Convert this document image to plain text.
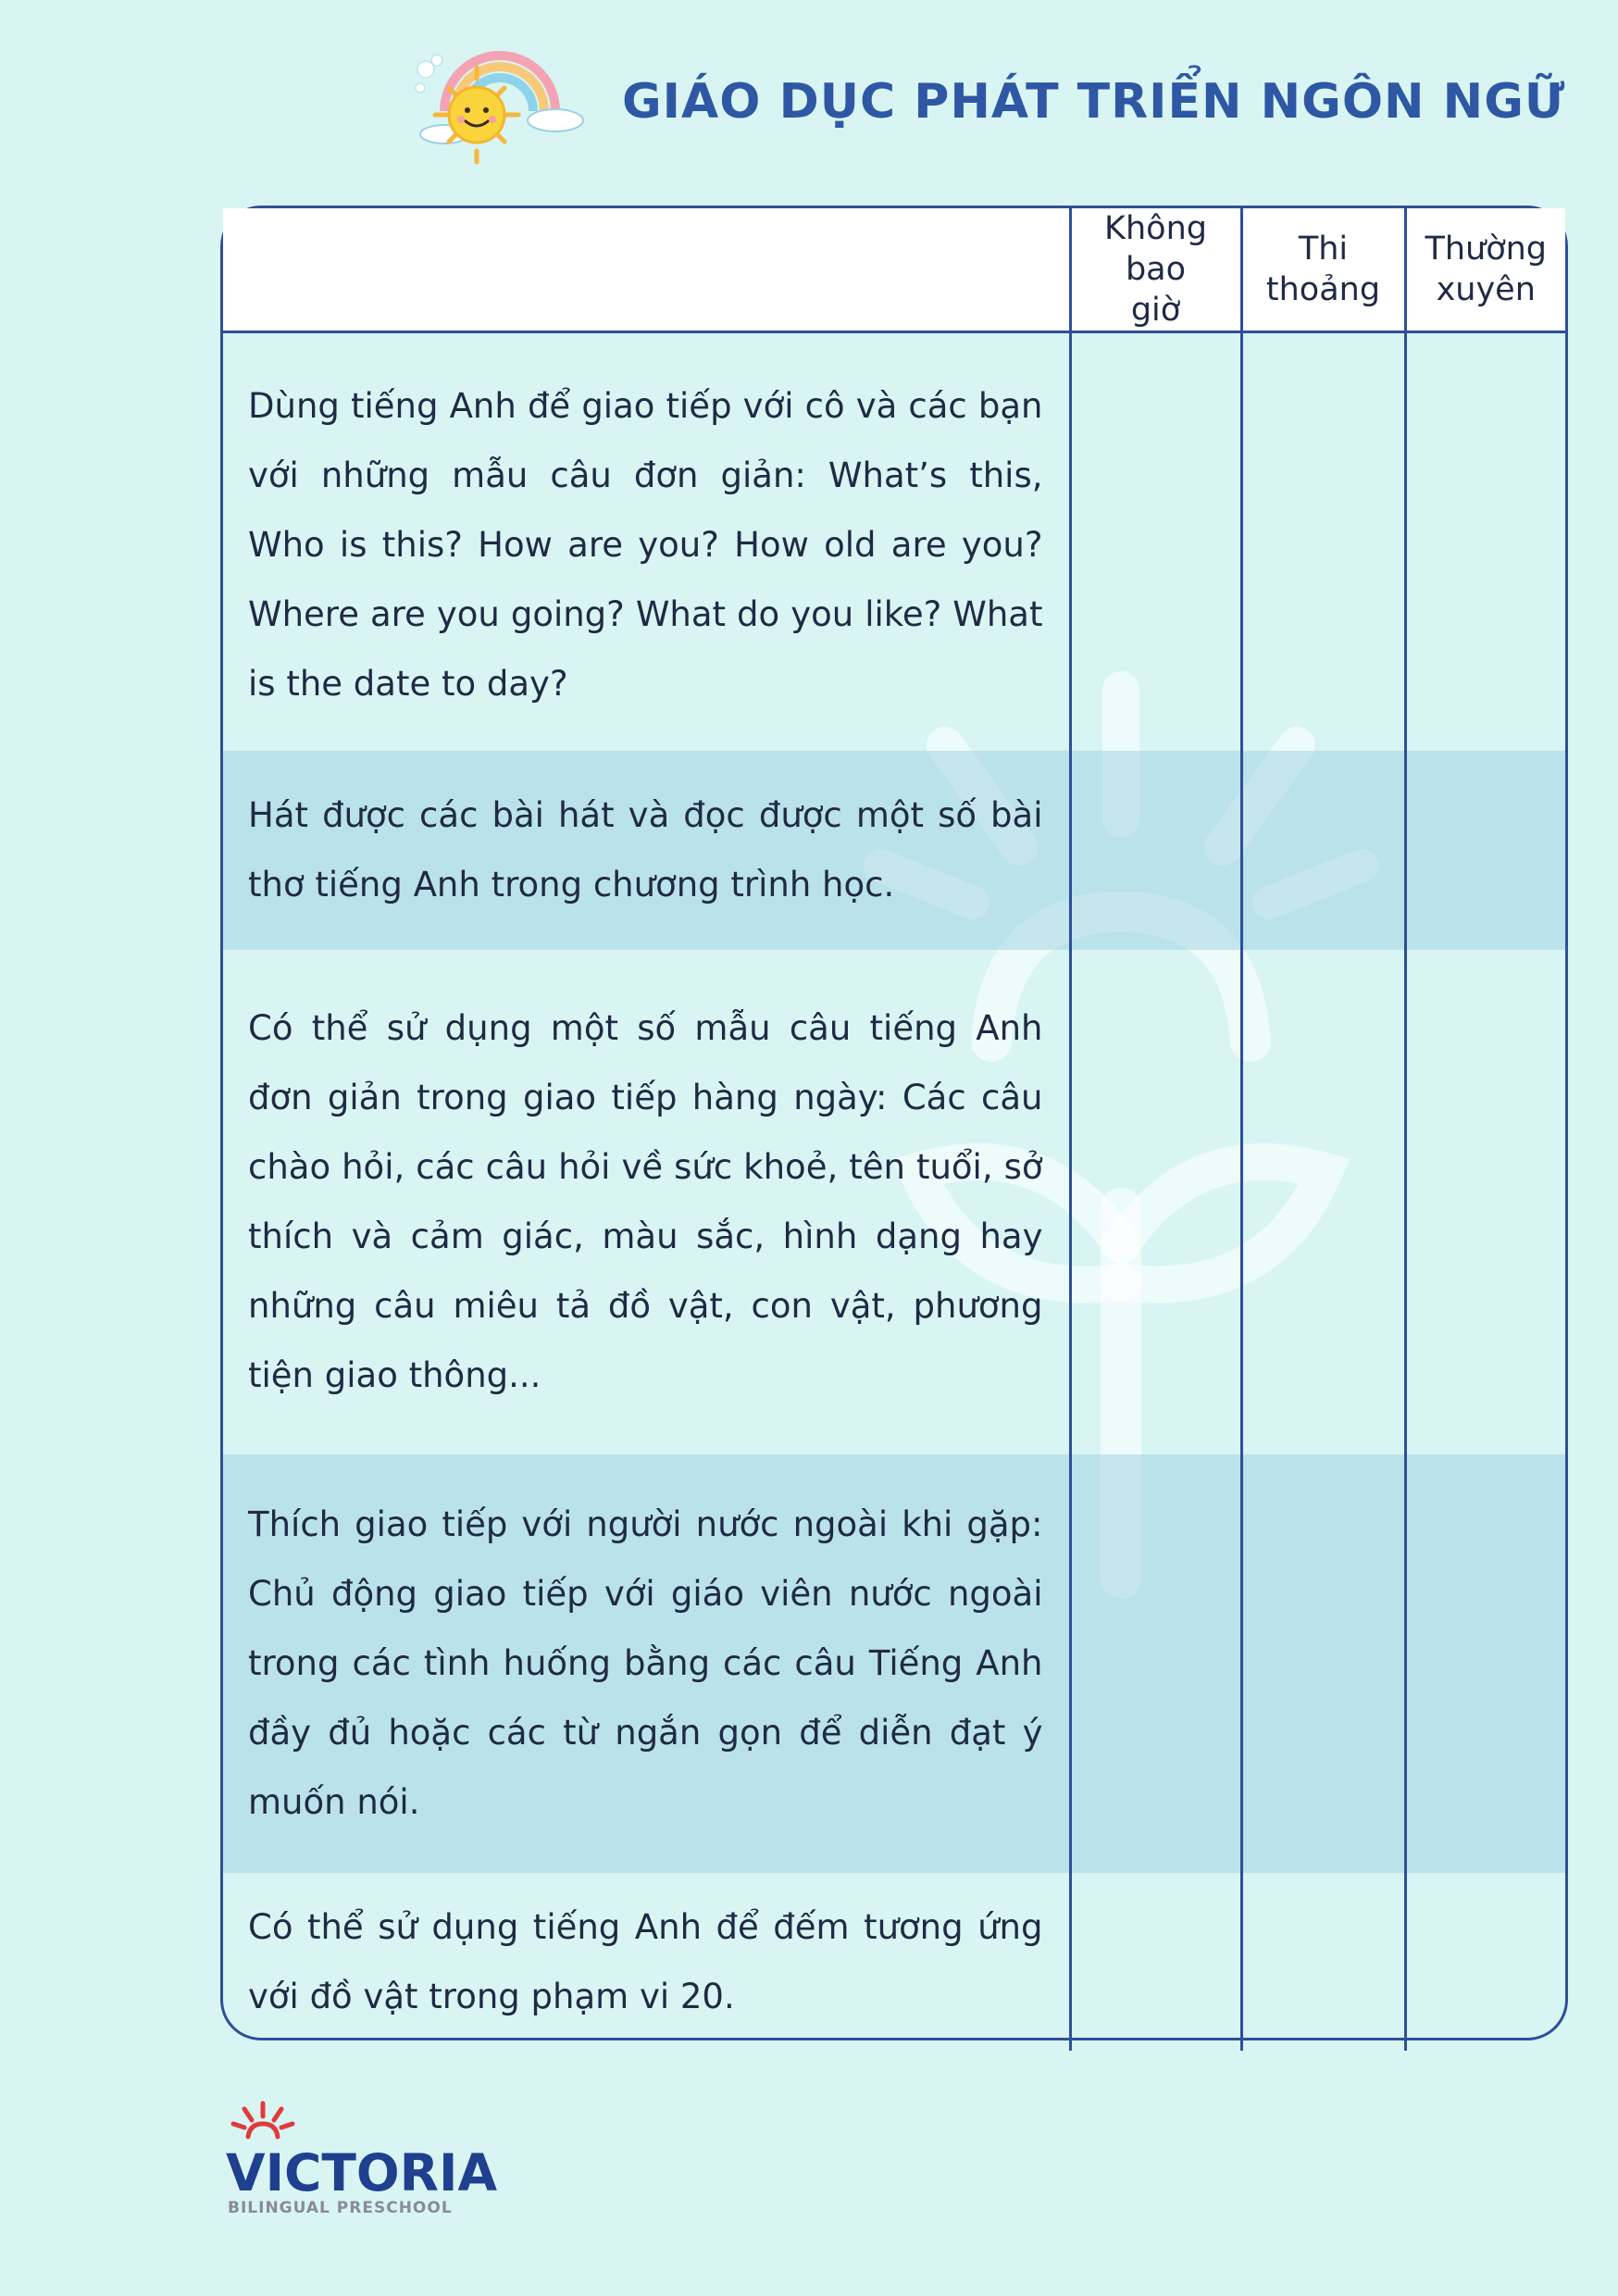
GIÁO DỤC PHÁT TRIỂN NGÔN NGỮ
	Không bao giờ	Thi thoảng	Thường xuyên
Dùng tiếng Anh để giao tiếp với cô và các bạn với những mẫu câu đơn giản: What’s this, Who is this? How are you? How old are you? Where are you going? What do you like? What is the date to day?			
Hát được các bài hát và đọc được một số bài thơ tiếng Anh trong chương trình học.			
Có thể sử dụng một số mẫu câu tiếng Anh đơn giản trong giao tiếp hàng ngày: Các câu chào hỏi, các câu hỏi về sức khoẻ, tên tuổi, sở thích và cảm giác, màu sắc, hình dạng hay những câu miêu tả đồ vật, con vật, phương tiện giao thông...			
Thích giao tiếp với người nước ngoài khi gặp: Chủ động giao tiếp với giáo viên nước ngoài trong các tình huống bằng các câu Tiếng Anh đầy đủ hoặc các từ ngắn gọn để diễn đạt ý muốn nói.			
Có thể sử dụng tiếng Anh để đếm tương ứng với đồ vật trong phạm vi 20.			
VICTORIA
BILINGUAL PRESCHOOL
